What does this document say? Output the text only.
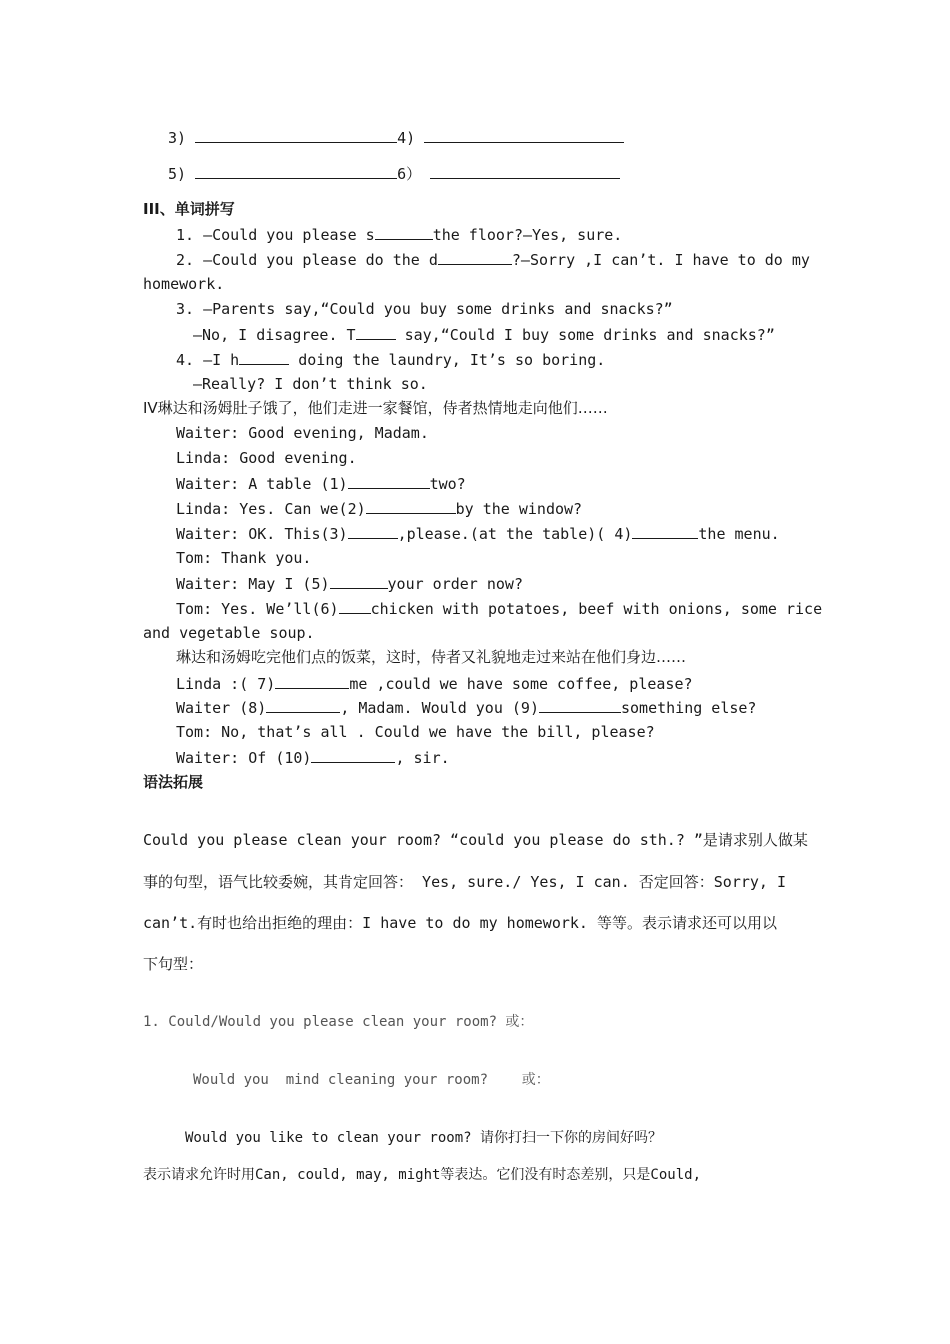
3)	4)
5)	6）
III、单词拼写
1. —Could you please s	the floor?—Yes, sure.
2. —Could you please do the d	?—Sorry ,I can’t. I have to do my
homework.
3. —Parents say,“Could you buy some drinks and snacks?”
—No, I disagree. T	say,“Could I buy some drinks and snacks?”
4. —I h	doing the laundry, It’s so boring.
—Really? I don’t think so.
IV琳达和汤姆肚子饿了，他们走进一家餐馆，侍者热情地走向他们……
Waiter: Good evening, Madam.
Linda: Good evening.
Waiter: A table (1)	two?
Linda: Yes. Can we(2)	by the window?
Waiter: OK. This(3)	,please.(at the table)( 4)	the menu.
Tom: Thank you.
Waiter: May I (5)	your order now?
Tom: Yes. We’ll(6) chicken with potatoes, beef with onions, some rice
and vegetable soup.
琳达和汤姆吃完他们点的饭菜，这时，侍者又礼貌地走过来站在他们身边……
Linda :( 7)	me ,could we have some coffee, please?
Waiter (8)	, Madam. Would you (9)	something else?
Tom: No, that’s all . Could we have the bill, please?
Waiter: Of (10)	, sir.
语法拓展
Could you please clean your room? “could you please do sth.? ”是请求别人做某
事的句型，语气比较委婉，其肯定回答： Yes, sure./ Yes, I can. 否定回答：Sorry, I
can’t.有时也给出拒绝的理由：I have to do my homework. 等等。表示请求还可以用以
下句型：
1. Could/Would you please clean your room? 或：
Would you  mind cleaning your room?    或：
Would you like to clean your room? 请你打扫一下你的房间好吗？
表示请求允许时用Can, could, may, might等表达。它们没有时态差别，只是Could,
